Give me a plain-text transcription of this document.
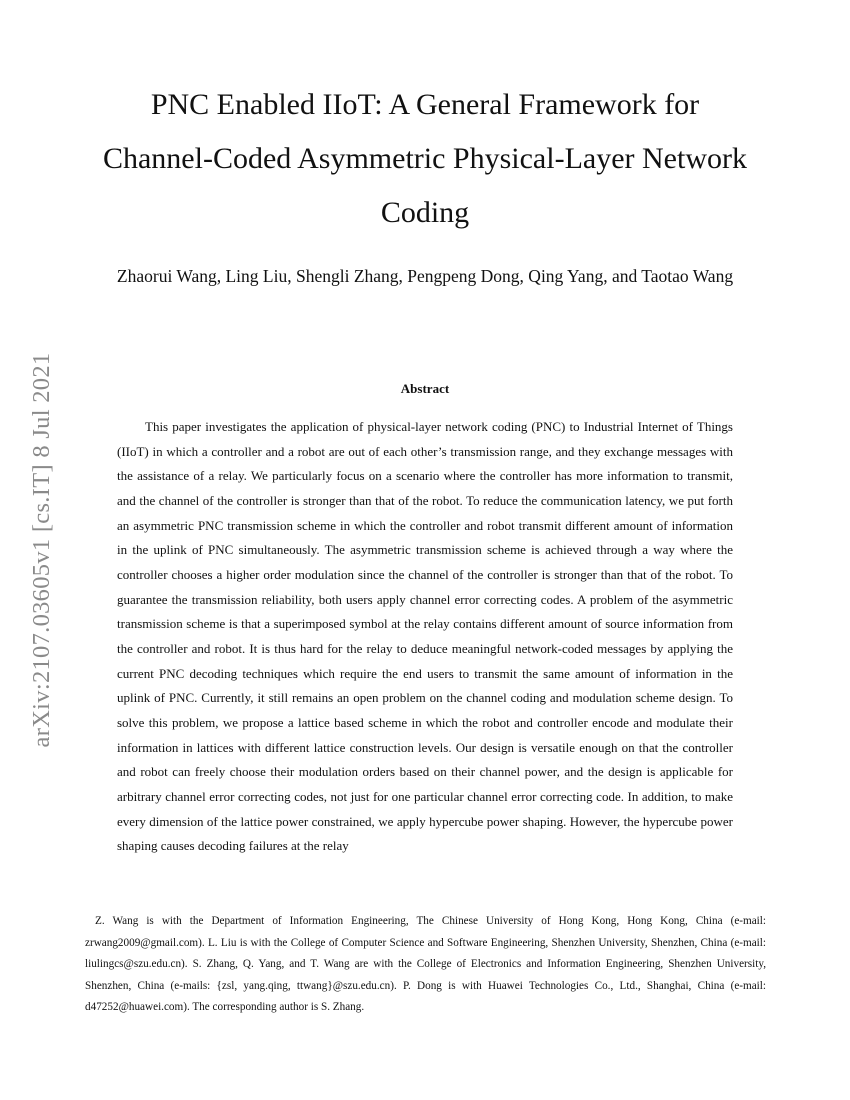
arXiv:2107.03605v1 [cs.IT] 8 Jul 2021
PNC Enabled IIoT: A General Framework for Channel-Coded Asymmetric Physical-Layer Network Coding

Zhaorui Wang, Ling Liu, Shengli Zhang, Pengpeng Dong, Qing Yang, and Taotao Wang

Abstract

This paper investigates the application of physical-layer network coding (PNC) to Industrial Internet of Things (IIoT) in which a controller and a robot are out of each other’s transmission range, and they exchange messages with the assistance of a relay. We particularly focus on a scenario where the controller has more information to transmit, and the channel of the controller is stronger than that of the robot. To reduce the communication latency, we put forth an asymmetric PNC transmission scheme in which the controller and robot transmit different amount of information in the uplink of PNC simultaneously. The asymmetric transmission scheme is achieved through a way where the controller chooses a higher order modulation since the channel of the controller is stronger than that of the robot. To guarantee the transmission reliability, both users apply channel error correcting codes. A problem of the asymmetric transmission scheme is that a superimposed symbol at the relay contains different amount of source information from the controller and robot. It is thus hard for the relay to deduce meaningful network-coded messages by applying the current PNC decoding techniques which require the end users to transmit the same amount of information in the uplink of PNC. Currently, it still remains an open problem on the channel coding and modulation scheme design. To solve this problem, we propose a lattice based scheme in which the robot and controller encode and modulate their information in lattices with different lattice construction levels. Our design is versatile enough on that the controller and robot can freely choose their modulation orders based on their channel power, and the design is applicable for arbitrary channel error correcting codes, not just for one particular channel error correcting code. In addition, to make every dimension of the lattice power constrained, we apply hypercube power shaping. However, the hypercube power shaping causes decoding failures at the relay

Z. Wang is with the Department of Information Engineering, The Chinese University of Hong Kong, Hong Kong, China (e-mail: zrwang2009@gmail.com). L. Liu is with the College of Computer Science and Software Engineering, Shenzhen University, Shenzhen, China (e-mail: liulingcs@szu.edu.cn). S. Zhang, Q. Yang, and T. Wang are with the College of Electronics and Information Engineering, Shenzhen University, Shenzhen, China (e-mails: {zsl, yang.qing, ttwang}@szu.edu.cn). P. Dong is with Huawei Technologies Co., Ltd., Shanghai, China (e-mail: d47252@huawei.com). The corresponding author is S. Zhang.
